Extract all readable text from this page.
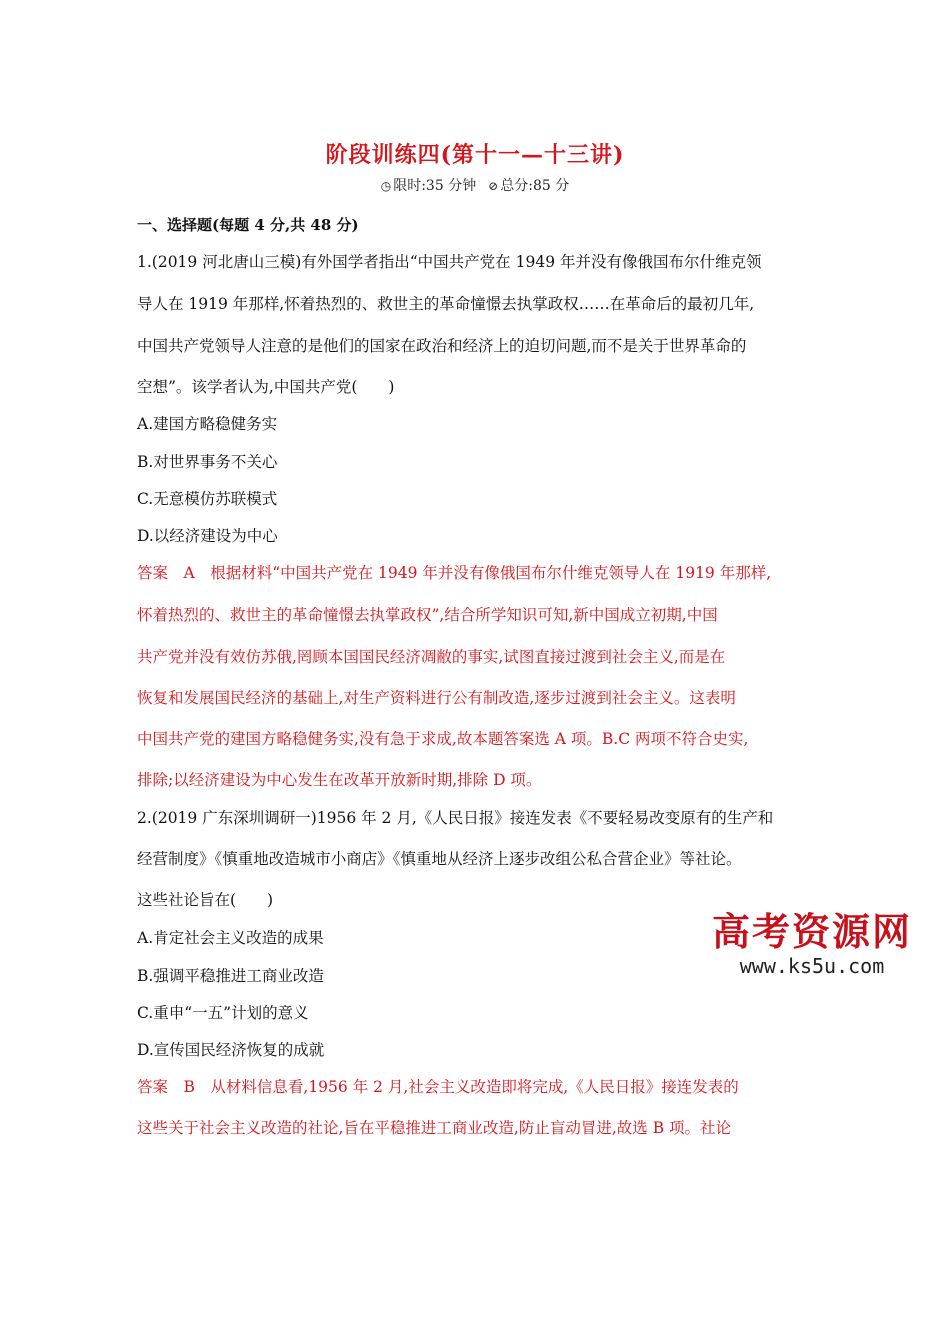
阶段训练四(第十一—十三讲)
◷ 限时:35 分钟 ⊘ 总分:85 分
一、选择题(每题 4 分,共 48 分)
1.(2019 河北唐山三模)有外国学者指出“中国共产党在 1949 年并没有像俄国布尔什维克领
导人在 1919 年那样,怀着热烈的、救世主的革命憧憬去执掌政权……在革命后的最初几年,
中国共产党领导人注意的是他们的国家在政治和经济上的迫切问题,而不是关于世界革命的
空想”。该学者认为,中国共产党(　　)
A.建国方略稳健务实
B.对世界事务不关心
C.无意模仿苏联模式
D.以经济建设为中心
答案　A　根据材料“中国共产党在 1949 年并没有像俄国布尔什维克领导人在 1919 年那样,
怀着热烈的、救世主的革命憧憬去执掌政权”,结合所学知识可知,新中国成立初期,中国
共产党并没有效仿苏俄,罔顾本国国民经济凋敝的事实,试图直接过渡到社会主义,而是在
恢复和发展国民经济的基础上,对生产资料进行公有制改造,逐步过渡到社会主义。这表明
中国共产党的建国方略稳健务实,没有急于求成,故本题答案选 A 项。B.C 两项不符合史实,
排除;以经济建设为中心发生在改革开放新时期,排除 D 项。
2.(2019 广东深圳调研一)1956 年 2 月,《人民日报》接连发表《不要轻易改变原有的生产和
经营制度》《慎重地改造城市小商店》《慎重地从经济上逐步改组公私合营企业》等社论。
这些社论旨在(　　)
A.肯定社会主义改造的成果
B.强调平稳推进工商业改造
C.重申“一五”计划的意义
D.宣传国民经济恢复的成就
答案　B　从材料信息看,1956 年 2 月,社会主义改造即将完成,《人民日报》接连发表的
这些关于社会主义改造的社论,旨在平稳推进工商业改造,防止盲动冒进,故选 B 项。社论
高考资源网
www.ks5u.com
